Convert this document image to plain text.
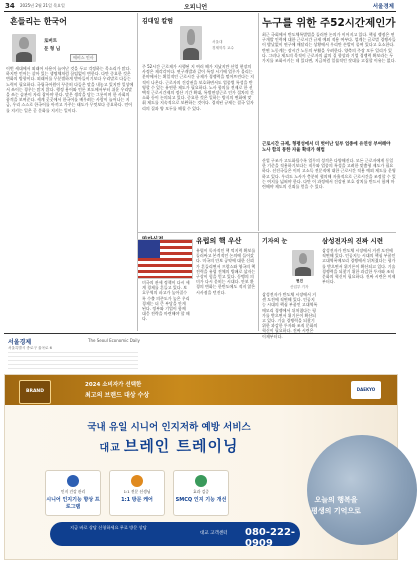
34 2025년 2월 21일 목요일	오피니언	서울경제
흔들리는 한국어
에비스 인사
로버트
문 형 님
이번 세대에서 외래어 사용이 늘어난 것을 두고 걱정하는 목소리가 많다. 하지만 언어는 살아 있는 생명체처럼 끊임없이 변한다. 다만 중요한 것은 변화의 방향이다. 외래어를 무분별하게 받아들이기보다 우리말로 다듬는 노력이 필요하다. 국립국어원이 꾸준히 다듬은 말을 내놓고 있지만 일상에서 쓰이는 경우는 많지 않다. 행정 용어와 언론 보도에서부터 쉬운 우리말을 쓰는 습관이 자리 잡아야 한다. 말은 생각을 담는 그릇이며 한 사회의 품격을 보여준다. 세계 곳곳에서 한국어를 배우려는 사람이 늘어나는 지금, 우리 스스로 한국어를 아끼고 가꾸는 태도가 무엇보다 중요하다. 언어를 지키는 일은 곧 문화를 지키는 일이다.
김대일 칼럼
서울대
경제학부 교수
주 52시간 근로제가 시행된 지 여러 해가 지났지만 산업 현장의 사정은 제각각이다. 연구개발과 같이 특정 시기에 업무가 몰리는 분야에서는 획일적인 근로시간 규제가 경쟁력을 떨어뜨린다는 지적이 나온다. 근로자의 건강권을 보호하면서도 업종별 특성을 반영할 수 있는 유연한 제도가 필요하다. 노사 합의를 전제로 한 선택적 근로시간제의 정산 기간 확대, 특별연장근로 인가 절차의 간소화 등이 논의되고 있다. 중요한 것은 일하는 방식의 변화에 맞춰 제도를 지속적으로 보완하는 것이다. 경직된 규제는 결국 일자리의 질과 양 모두를 해칠 수 있다.
누구를 위한 주52시간제인가
최근 국회에서 반도체특별법을 둘러싼 논의가 이어지고 있다. 핵심 쟁점은 연구개발 인력에 대한 근로시간 규제 예외 적용 여부다. 업계는 글로벌 경쟁사들이 밤낮없이 연구에 매달리는 상황에서 우리만 손발이 묶여 있다고 호소한다. 반면 노동계는 장시간 노동의 부활을 우려한다. 양측의 주장 모두 일리가 있다. 그러나 제도의 목적이 근로자의 삶의 질 향상과 기업 경쟁력 확보라는 두 가지를 조화시키는 데 있다면, 지금처럼 일률적인 잣대를 고집할 이유는 없다.
근로시간 규제, 형평성에서 더 벗어난 일부 업종에 유연성 부여해야 노사 합의 통한 자율 확대가 해법
산업 구조가 고도화될수록 업무의 성격은 다양해진다. 모든 근로자에게 동일한 기준을 적용하기보다는 직무와 업종의 특성을 고려한 맞춤형 제도가 필요하다. 선진국들은 이미 고소득 전문직에 대한 근로시간 적용 예외 제도를 운영하고 있다. 우리도 노사가 충분히 협의해 자율적으로 근로시간을 조정할 수 있는 여지를 넓혀야 한다. 다만 이 과정에서 건강권 보호 장치를 반드시 함께 마련해야 제도의 신뢰를 얻을 수 있다.
미국의 관세 정책이 다시 세계 경제를 흔들고 있다. 보호무역의 파고가 높아질수록 수출 의존도가 높은 우리 경제는 더 큰 부담을 안게 된다. 정부와 기업이 함께 대응 전략을 마련해야 할 때다.
유럽의 핵 우산
유럽이 독자적인 핵 억지력 확보를 둘러싸고 본격적인 논의에 들어갔다. 미국의 안보 공약에 대한 신뢰가 흔들리면서 프랑스와 영국의 핵전력을 유럽 전체의 방패로 삼자는 구상이 힘을 얻고 있다. 동맹의 의미가 다시 묻히는 시대다. 안보 환경의 변화는 한반도에도 적지 않은 시사점을 던진다.
기자의 눈	삼성전자의 진짜 시련
현진
산업부 기자
삼성전자가 반도체 시장에서 거센 도전에 직면해 있다. 인공지능 시대의 핵심 부품인 고대역폭메모리 경쟁에서 뒤처졌다는 평가를 받으면서 위기론이 확산되고 있다. 기술 경쟁력을 되찾기 위한 과감한 투자와 조직 문화의 혁신이 필요하다. 진짜 시련은 이제부터다.
삼성전자가 반도체 시장에서 거센 도전에 직면해 있다. 인공지능 시대의 핵심 부품인 고대역폭메모리 경쟁에서 뒤처졌다는 평가를 받으면서 위기론이 확산되고 있다. 기술 경쟁력을 되찾기 위한 과감한 투자와 조직 문화의 혁신이 필요하다. 진짜 시련은 이제부터다.
서울경제
서울특별시 종로구 율곡로 6
The Seoul Economic Daily
BRAND
2024 소비자가 선택한
최고의 브랜드 대상 수상
DAEKYO
국내 유일 시니어 인지저하 예방 서비스
대교 브레인 트레이닝
인지 건강 관리
시니어 인지기능 향상 프로그램
1:1 전문 선생님
1:1 방문 케어
효과 검증
SMCQ 인지 기능 개선	오늘의 행복을
평생의 기억으로
지금 바로 상담 신청하세요 무료 방문 상담
대교 고객센터 080-222-0909
